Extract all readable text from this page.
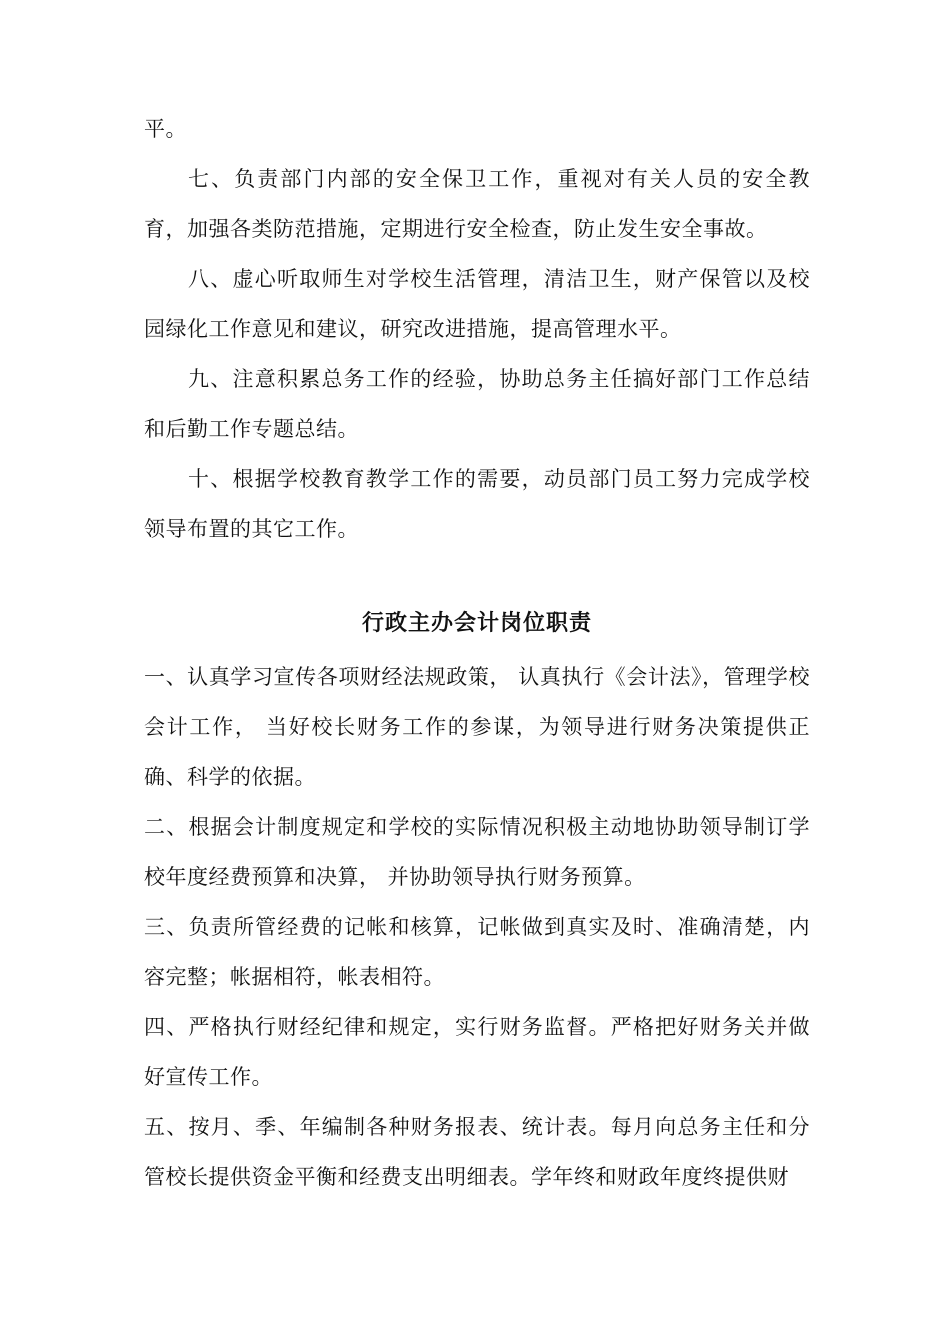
平。

七、负责部门内部的安全保卫工作，重视对有关人员的安全教育，加强各类防范措施，定期进行安全检查，防止发生安全事故。

八、虚心听取师生对学校生活管理，清洁卫生，财产保管以及校园绿化工作意见和建议，研究改进措施，提高管理水平。

九、注意积累总务工作的经验，协助总务主任搞好部门工作总结和后勤工作专题总结。

十、根据学校教育教学工作的需要，动员部门员工努力完成学校领导布置的其它工作。

行政主办会计岗位职责

一、认真学习宣传各项财经法规政策， 认真执行《会计法》，管理学校会计工作， 当好校长财务工作的参谋，为领导进行财务决策提供正确、科学的依据。

二、根据会计制度规定和学校的实际情况积极主动地协助领导制订学校年度经费预算和决算， 并协助领导执行财务预算。

三、负责所管经费的记帐和核算，记帐做到真实及时、准确清楚，内容完整；帐据相符，帐表相符。

四、严格执行财经纪律和规定，实行财务监督。严格把好财务关并做好宣传工作。

五、按月、季、年编制各种财务报表、统计表。每月向总务主任和分管校长提供资金平衡和经费支出明细表。学年终和财政年度终提供财
